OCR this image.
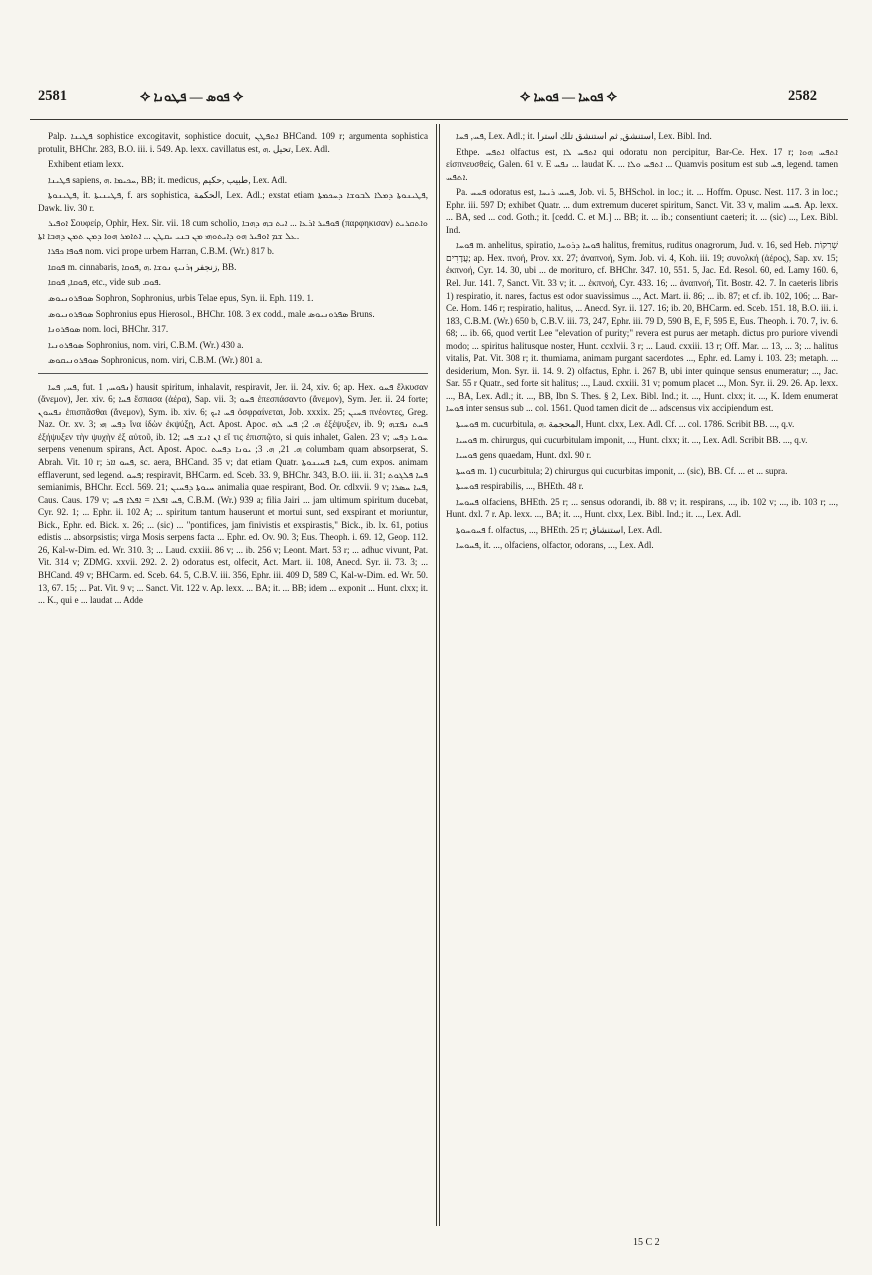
2581	✧ ܦܘܣ — ܦܛܘܢܐ ✧	✧ ܦܘܚܐ — ܦܘܚܐ ✧	2582

Palp. ܦܛܝܢܐ sophistice excogitavit, sophistice docuit, ܐܬܦܛܢ BHCand. 109 r; argumenta sophistica protulit, BHChr. 283, B.O. iii. i. 549. Ap. lexx. cavillatus est, تحيل .ܗ, Lex. Adl.

Exhibent etiam lexx.

ܦܛܝܢܐ sapiens, ܚܟܝܡܐ .ܗ, BB; it. medicus, طبيب ,حكيم, Lex. Adl.

ܦܛܝܢܘܬܐ, it. ܦܛܝܢܝܬܐ, f. ars sophistica, الحكمة, Lex. Adl.; exstat etiam ܦܛܝܢܘܬܐ ܕܡܠܐ ܠܒܘܫܐ ܕܚܟܡܬܐ, Dawk. liv. 30 r.

ܐܘܦܝܪ Σουφείρ, Ophir, Hex. Sir. vii. 18 cum scholio, ܦܘܦܝܪ ܐܪܥܐ ... ܐܝܬ ܒܗ ܕܗܒܐ (παρφηκισαν) ܘܐܬܩܪܝܬ ܥܠ ܫܡ ܐܘܦܝܪ ܗܘ ܕܐܝܬܘܗܝ ܡܢ ܒܢܝ ܝܩܛܢ ... ܐܬܐܡܪ ܗܘܐ ܕܡܢ ܬܡܢ ܕܗܒܐ ܐܬܐ.

ܦܘܦܐ ܟܦܪܐ nom. vici prope urbem Harran, C.B.M. (Wr.) 817 b.

ܦܘܩܐ m. cinnabaris, زنجفر ܙܪܢܝܟ ܢܘܫܐ .ܗ ,ܦܘܩܐ, BB.

ܦܘܩܐ, ܦܘܩܐ, etc., vide sub ܦܘܩ.

ܣܘܦܪܘܢܝܘܣ Sophron, Sophronius, urbis Telae epus, Syn. ii. Eph. 119. 1.

ܣܘܦܪܘܢܝܘܣ Sophronius epus Hierosol., BHChr. 108. 3 ex codd., male ܣܦܪܘܢܝܘܣ Bruns.

ܣܘܦܪܘܢܐ nom. loci, BHChr. 317.

ܣܘܦܪܘܢܝܐ Sophronius, nom. viri, C.B.M. (Wr.) 430 a.

ܣܘܦܪܘܢܝܩܘܣ Sophronicus, nom. viri, C.B.M. (Wr.) 801 a.

ܦܚ, ܦܚܐ, fut. ܢܦܘܚ, 1) hausit spiritum, inhalavit, respiravit, Jer. ii. 24, xiv. 6; ap. Hex. ܦܚܘ ἔλκυσαν (ἄνεμον), Jer. xiv. 6; ܦܚܐ ἔσπασα (ἀέρα), Sap. vii. 3; ܦܚܘ ἐπεσπάσαντο (ἄνεμον), Sym. Jer. ii. 24 forte; ܢܦܚܘܢ ἐπισπᾶσθαι (ἄνεμον), Sym. ib. xiv. 6; ܦܚ ܐܝܟ ὀσφραίνεται, Job. xxxix. 25; ܦܚܝܢ πνέοντες, Greg. Naz. Or. xv. 3; ܕܦܚ ܗܝ ἵνα ἰδὼν ἐκψύξῃ, Act. Apost. Apoc. ܗ. 2; ܦܚ ܠܗ ἐξέψυξεν, ib. 9; ܦܚܬ ܢܦܫܗ ἐξήψυξεν τὴν ψυχὴν ἐξ αὐτοῦ, ib. 12; ܐܢ ܐܢܫ ܦܚ εἴ τις ἐπισπῷτο, si quis inhalet, Galen. 23 v; ܚܘܝܐ ܕܦܚ serpens venenum spirans, Act. Apost. Apoc. ܗ. 21, ܗ. 3; ܝܘܢܐ ܕܦܚܬ columbam quam absorpserat, S. Abrah. Vit. 10 r; ܦܚܘ ܐܐܪ, sc. aera, BHCand. 35 v; dat etiam Quatr. ܦܚܐ ܦܚܝܢܘܬܐ, cum expos. animam efflaverunt, sed legend. ܦܚܘ; respiravit, BHCarm. ed. Sceb. 33. 9, BHChr. 343, B.O. iii. ii. 31; ܦܚܐ ܦܠܓܘܬ semianimis, BHChr. Eccl. 569. 21; ܚܝܘܬܐ ܕܦܚܝܢ animalia quae respirant, Bod. Or. cdlxvii. 9 v; ܦܚܐ ܚܣܪܐ, Caus. Caus. 179 v; ܦܚ ܐܦܠܐ = ܐܦܠܐ ܦܚ, C.B.M. (Wr.) 939 a; filia Jairi ... jam ultimum spiritum ducebat, Cyr. 92. 1; ... Ephr. ii. 102 A; ... spiritum tantum hauserunt et mortui sunt, sed exspirant et moriuntur, Bick., Ephr. ed. Bick. x. 26; ... (sic) ... "pontifices, jam finivistis et exspirastis," Bick., ib. lx. 61, potius edistis ... absorpsistis; virga Mosis serpens facta ... Ephr. ed. Ov. 90. 3; Eus. Theoph. i. 69. 12, Geop. 112. 26, Kal-w-Dim. ed. Wr. 310. 3; ... Laud. cxxiii. 86 v; ... ib. 256 v; Leont. Mart. 53 r; ... adhuc vivunt, Pat. Vit. 314 v; ZDMG. xxvii. 292. 2. 2) odoratus est, olfecit, Act. Mart. ii. 108, Anecd. Syr. ii. 73. 3; ... BHCand. 49 v; BHCarm. ed. Sceb. 64. 5, C.B.V. iii. 356, Ephr. iii. 409 D, 589 C, Kal-w-Dim. ed. Wr. 50. 13, 67. 15; ... Pat. Vit. 9 v; ... Sanct. Vit. 122 v. Ap. lexx. ... BA; it. ... BB; idem ... exponit ... Hunt. clxx; it. ... K., qui e ... laudat ... Adde

ܦܚ, ܦܚܐ, Lex. Adl.; it. استنشق, ثم استنشق تلك استرا, Lex. Bibl. Ind.

Ethpe. ܐܬܦܚ olfactus est, ܐܬܦܚ ܠܐ qui odoratu non percipitur, Bar-Ce. Hex. 17 r; ܐܬܦܚ ܗܘܐ εἰσπνευσθείς, Galen. 61 v. E ܢܦܚ ... laudat K. ... ܐܬܦܚ ܘܠܐ ... Quamvis positum est sub ܦܚ, legend. tamen ܐܬܦܚ.

Pa. ܦܚܚ odoratus est, ܦܚܚ ܪܝܚܐ, Job. vi. 5, BHSchol. in loc.; it. ... Hoffm. Opusc. Nest. 117. 3 in loc.; Ephr. iii. 597 D; exhibet Quatr. ... dum extremum duceret spiritum, Sanct. Vit. 33 v, malim ܦܚܚ. Ap. lexx. ... BA, sed ... cod. Goth.; it. [cedd. C. et M.] ... BB; it. ... ib.; consentiunt caeteri; it. ... (sic) ..., Lex. Bibl. Ind.

ܦܘܚܐ m. anhelitus, spiratio, ܦܘܚܐ ܕܪܘܚܐ halitus, fremitus, ruditus onagrorum, Jud. v. 16, sed Heb. שְׁרִקוֹת עֲדָרִים; ap. Hex. πνοή, Prov. xx. 27; ἀναπνοή, Sym. Job. vi. 4, Koh. iii. 19; συνολκή (ἀέρος), Sap. xv. 15; ἐκπνοή, Cyr. 14. 30, ubi ... de moriturо, cf. BHChr. 347. 10, 551. 5, Jac. Ed. Resol. 60, ed. Lamy 160. 6, Rel. Jur. 141. 7, Sanct. Vit. 33 v; it. ... ἐκπνοή, Cyr. 433. 16; ... ἀναπνοή, Tit. Bostr. 42. 7. In caeteris libris 1) respiratio, it. nares, factus est odor suavissimus ..., Act. Mart. ii. 86; ... ib. 87; et cf. ib. 102, 106; ... Bar-Ce. Hom. 146 r; respiratio, halitus, ... Anecd. Syr. ii. 127. 16; ib. 20, BHCarm. ed. Sceb. 151. 18, B.O. iii. i. 183, C.B.M. (Wr.) 650 b, C.B.V. iii. 73, 247, Ephr. iii. 79 D, 590 B, E, F, 595 E, Eus. Theoph. i. 70. 7, iv. 6. 68; ... ib. 66, quod vertit Lee "elevation of purity;" revera est purus aer metaph. dictus pro puriore vivendi modo; ... spiritus halitusque noster, Hunt. ccxlvii. 3 r; ... Laud. cxxiii. 13 r; Off. Mar. ... 13, ... 3; ... halitus vitalis, Pat. Vit. 308 r; it. thumiama, animam purgant sacerdotes ..., Ephr. ed. Lamy i. 103. 23; metaph. ... desiderium, Mon. Syr. ii. 14. 9. 2) olfactus, Ephr. i. 267 B, ubi inter quinque sensus enumeratur; ..., Jac. Sar. 55 r Quatr., sed forte sit halitus; ..., Laud. cxxiii. 31 v; pomum placet ..., Mon. Syr. ii. 29. 26. Ap. lexx. ..., BA, Lex. Adl.; it. ..., BB, Ibn S. Thes. § 2, Lex. Bibl. Ind.; it. ..., Hunt. clxx; it. ..., K. Idem enumerat ܦܘܚܐ inter sensus sub ... col. 1561. Quod tamen dicit de ... adscensus vix accipiendum est.

ܦܘܚܝܬܐ m. cucurbitula, المحجمة .ܗ, Hunt. clxx, Lex. Adl. Cf. ... col. 1786. Scribit BB. ..., q.v.

ܦܘܚܝܐ m. chirurgus, qui cucurbitulam imponit, ..., Hunt. clxx; it. ..., Lex. Adl. Scribit BB. ..., q.v.

ܦܘܚܝܐ gens quaedam, Hunt. dxl. 90 r.

ܦܘܚܬܐ m. 1) cucurbitula; 2) chirurgus qui cucurbitas imponit, ... (sic), BB. Cf. ... et ... supra.

ܦܘܚܝܬܐ respirabilis, ..., BHEth. 48 r.

ܦܚܘܚܐ olfaciens, BHEth. 25 r; ... sensus odorandi, ib. 88 v; it. respirans, ..., ib. 102 v; ..., ib. 103 r; ..., Hunt. dxl. 7 r. Ap. lexx. ..., BA; it. ..., Hunt. clxx, Lex. Bibl. Ind.; it. ..., Lex. Adl.

ܦܚܘܚܘܬܐ f. olfactus, ..., BHEth. 25 r; استنشاق, Lex. Adl.

ܦܚܘܚܐ, it. ..., olfaciens, olfactor, odorans, ..., Lex. Adl.

15 C 2
